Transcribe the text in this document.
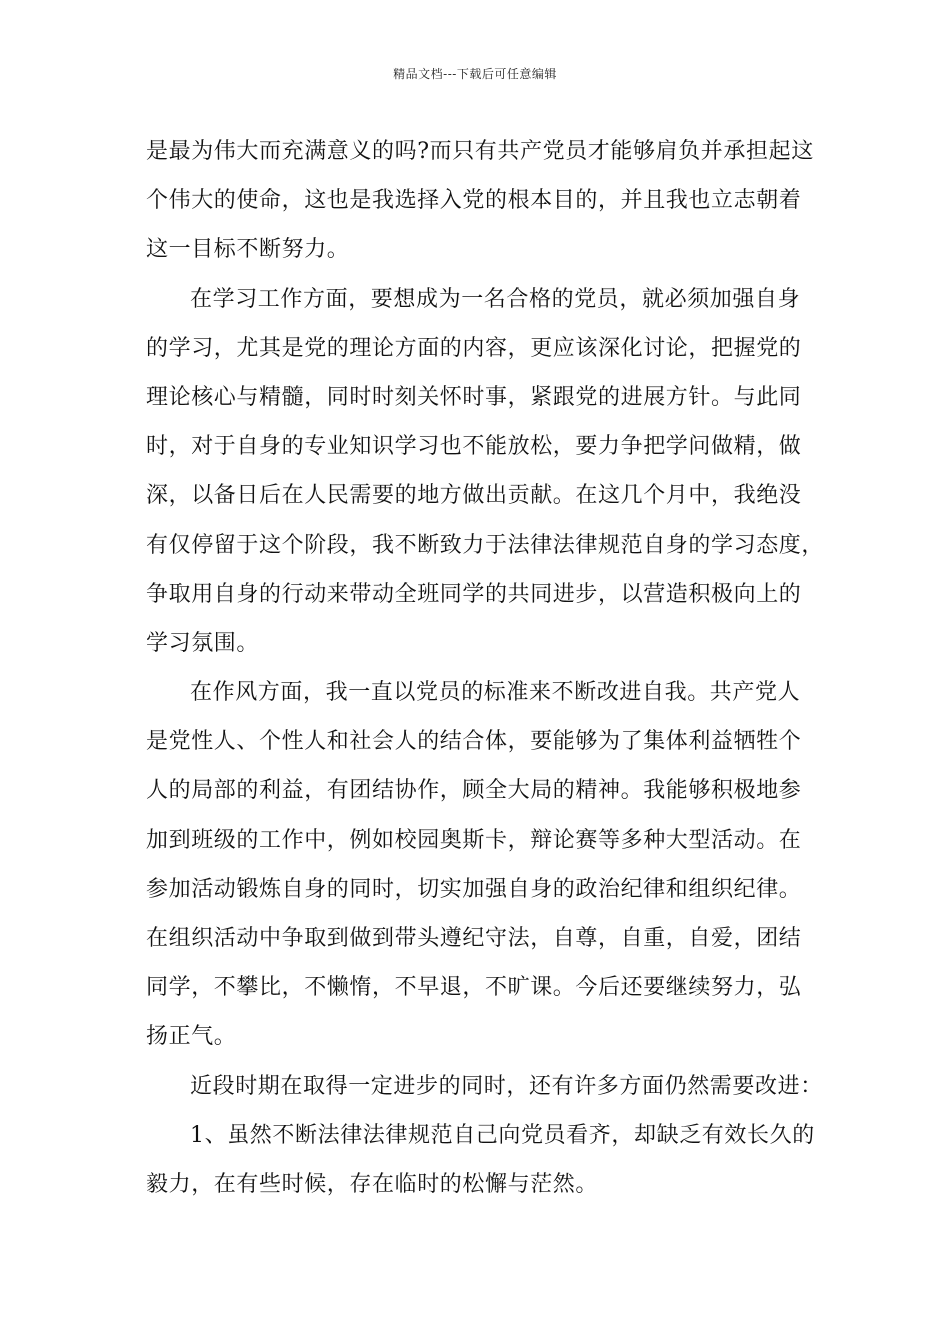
精品文档---下载后可任意编辑
是最为伟大而充满意义的吗?而只有共产党员才能够肩负并承担起这
个伟大的使命，这也是我选择入党的根本目的，并且我也立志朝着
这一目标不断努力。
在学习工作方面，要想成为一名合格的党员，就必须加强自身
的学习，尤其是党的理论方面的内容，更应该深化讨论，把握党的
理论核心与精髓，同时时刻关怀时事，紧跟党的进展方针。与此同
时，对于自身的专业知识学习也不能放松，要力争把学问做精，做
深，以备日后在人民需要的地方做出贡献。在这几个月中，我绝没
有仅停留于这个阶段，我不断致力于法律法律规范自身的学习态度，
争取用自身的行动来带动全班同学的共同进步，以营造积极向上的
学习氛围。
在作风方面，我一直以党员的标准来不断改进自我。共产党人
是党性人、个性人和社会人的结合体，要能够为了集体利益牺牲个
人的局部的利益，有团结协作，顾全大局的精神。我能够积极地参
加到班级的工作中，例如校园奥斯卡，辩论赛等多种大型活动。在
参加活动锻炼自身的同时，切实加强自身的政治纪律和组织纪律。
在组织活动中争取到做到带头遵纪守法，自尊，自重，自爱，团结
同学，不攀比，不懒惰，不早退，不旷课。今后还要继续努力，弘
扬正气。
近段时期在取得一定进步的同时，还有许多方面仍然需要改进：
1、虽然不断法律法律规范自己向党员看齐，却缺乏有效长久的
毅力，在有些时候，存在临时的松懈与茫然。
